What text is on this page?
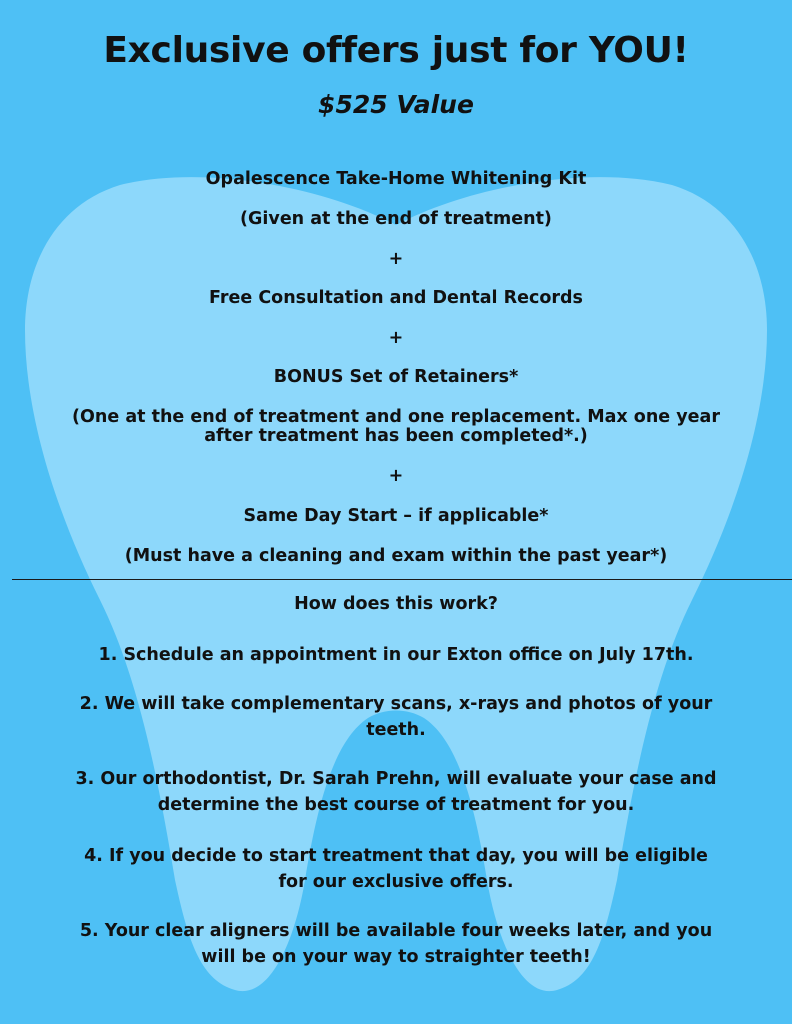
Exclusive offers just for YOU!
$525 Value
Opalescence Take-Home Whitening Kit
(Given at the end of treatment)
+
Free Consultation and Dental Records
+
BONUS Set of Retainers*
(One at the end of treatment and one replacement. Max one year
after treatment has been completed*.)
+
Same Day Start – if applicable*
(Must have a cleaning and exam within the past year*)
How does this work?
1. Schedule an appointment in our Exton office on July 17th.
2. We will take complementary scans, x-rays and photos of your
teeth.
3. Our orthodontist, Dr. Sarah Prehn, will evaluate your case and
determine the best course of treatment for you.
4. If you decide to start treatment that day, you will be eligible
for our exclusive offers.
5. Your clear aligners will be available four weeks later, and you
will be on your way to straighter teeth!
